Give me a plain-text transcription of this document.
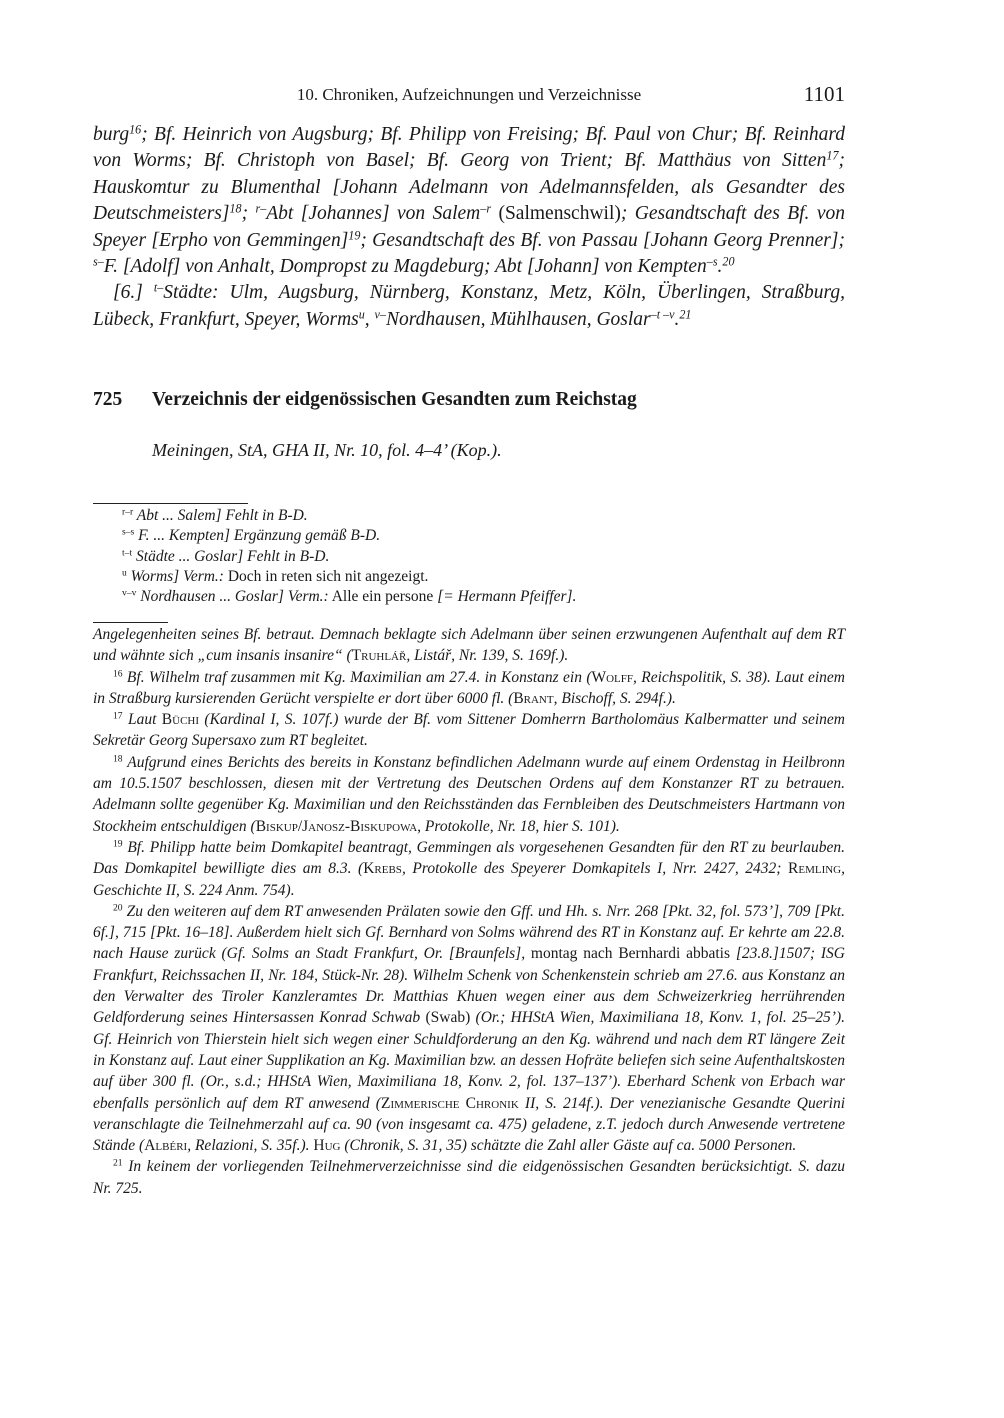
10. Chroniken, Aufzeichnungen und Verzeichnisse	1101

burg$^{16}$; Bf. Heinrich von Augsburg; Bf. Philipp von Freising; Bf. Paul von Chur; Bf. Reinhard von Worms; Bf. Christoph von Basel; Bf. Georg von Trient; Bf. Matthäus von Sitten$^{17}$; Hauskomtur zu Blumenthal [Johann Adelmann von Adelmannsfelden, als Gesandter des Deutschmeisters]$^{18}$; $^{r-}$Abt [Johannes] von Salem$^{-r}$ (Salmenschwil); Gesandtschaft des Bf. von Speyer [Erpho von Gemmingen]$^{19}$; Gesandtschaft des Bf. von Passau [Johann Georg Prenner]; $^{s-}$F. [Adolf] von Anhalt, Dompropst zu Magdeburg; Abt [Johann] von Kempten$^{-s}$.$^{20}$

[6.] $^{t-}$Städte: Ulm, Augsburg, Nürnberg, Konstanz, Metz, Köln, Überlingen, Straßburg, Lübeck, Frankfurt, Speyer, Worms$^u$, $^{v-}$Nordhausen, Mühlhausen, Goslar$^{-t -v}$.$^{21}$

725 Verzeichnis der eidgenössischen Gesandten zum Reichstag
Meiningen, StA, GHA II, Nr. 10, fol. 4–4’ (Kop.).

$^{r-r}$ Abt ... Salem] Fehlt in B-D.

$^{s-s}$ F. ... Kempten] Ergänzung gemäß B-D.

$^{t-t}$ Städte ... Goslar] Fehlt in B-D.

$^u$ Worms] Verm.: Doch in reten sich nit angezeigt.

$^{v-v}$ Nordhausen ... Goslar] Verm.: Alle ein persone [= Hermann Pfeiffer].

Angelegenheiten seines Bf. betraut. Demnach beklagte sich Adelmann über seinen erzwungenen Aufenthalt auf dem RT und wähnte sich „cum insanis insanire“ (Truhlář, Listář, Nr. 139, S. 169f.).

$^{16}$ Bf. Wilhelm traf zusammen mit Kg. Maximilian am 27.4. in Konstanz ein (Wolff, Reichspolitik, S. 38). Laut einem in Straßburg kursierenden Gerücht verspielte er dort über 6000 fl. (Brant, Bischoff, S. 294f.).

$^{17}$ Laut Büchi (Kardinal I, S. 107f.) wurde der Bf. vom Sittener Domherrn Bartholomäus Kalbermatter und seinem Sekretär Georg Supersaxo zum RT begleitet.

$^{18}$ Aufgrund eines Berichts des bereits in Konstanz befindlichen Adelmann wurde auf einem Ordenstag in Heilbronn am 10.5.1507 beschlossen, diesen mit der Vertretung des Deutschen Ordens auf dem Konstanzer RT zu betrauen. Adelmann sollte gegenüber Kg. Maximilian und den Reichsständen das Fernbleiben des Deutschmeisters Hartmann von Stockheim entschuldigen (Biskup/Janosz-Biskupowa, Protokolle, Nr. 18, hier S. 101).

$^{19}$ Bf. Philipp hatte beim Domkapitel beantragt, Gemmingen als vorgesehenen Gesandten für den RT zu beurlauben. Das Domkapitel bewilligte dies am 8.3. (Krebs, Protokolle des Speyerer Domkapitels I, Nrr. 2427, 2432; Remling, Geschichte II, S. 224 Anm. 754).

$^{20}$ Zu den weiteren auf dem RT anwesenden Prälaten sowie den Gff. und Hh. s. Nrr. 268 [Pkt. 32, fol. 573’], 709 [Pkt. 6f.], 715 [Pkt. 16–18]. Außerdem hielt sich Gf. Bernhard von Solms während des RT in Konstanz auf. Er kehrte am 22.8. nach Hause zurück (Gf. Solms an Stadt Frankfurt, Or. [Braunfels], montag nach Bernhardi abbatis [23.8.]1507; ISG Frankfurt, Reichssachen II, Nr. 184, Stück-Nr. 28). Wilhelm Schenk von Schenkenstein schrieb am 27.6. aus Konstanz an den Verwalter des Tiroler Kanzleramtes Dr. Matthias Khuen wegen einer aus dem Schweizerkrieg herrührenden Geldforderung seines Hintersassen Konrad Schwab (Swab) (Or.; HHStA Wien, Maximiliana 18, Konv. 1, fol. 25–25’). Gf. Heinrich von Thierstein hielt sich wegen einer Schuldforderung an den Kg. während und nach dem RT längere Zeit in Konstanz auf. Laut einer Supplikation an Kg. Maximilian bzw. an dessen Hofräte beliefen sich seine Aufenthaltskosten auf über 300 fl. (Or., s.d.; HHStA Wien, Maximiliana 18, Konv. 2, fol. 137–137’). Eberhard Schenk von Erbach war ebenfalls persönlich auf dem RT anwesend (Zimmerische Chronik II, S. 214f.). Der venezianische Gesandte Querini veranschlagte die Teilnehmerzahl auf ca. 90 (von insgesamt ca. 475) geladene, z.T. jedoch durch Anwesende vertretene Stände (Albéri, Relazioni, S. 35f.). Hug (Chronik, S. 31, 35) schätzte die Zahl aller Gäste auf ca. 5000 Personen.

$^{21}$ In keinem der vorliegenden Teilnehmerverzeichnisse sind die eidgenössischen Gesandten berücksichtigt. S. dazu Nr. 725.
